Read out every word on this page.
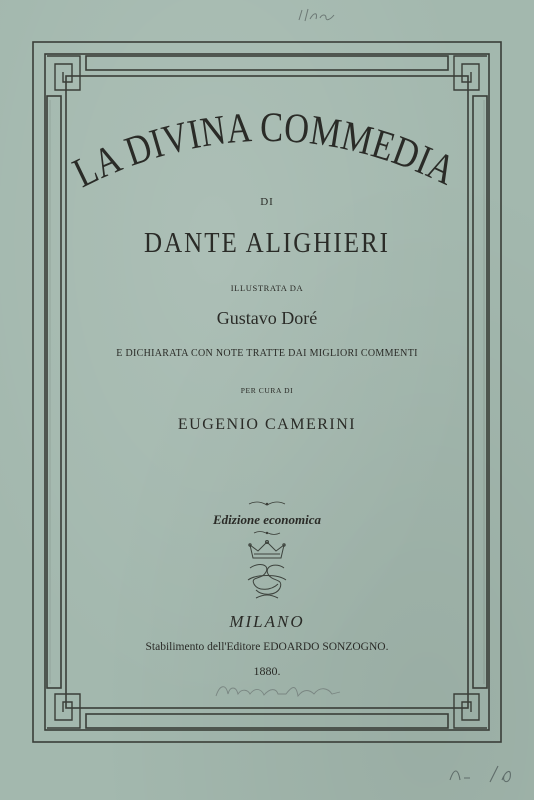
LA DIVINA COMMEDIA
DI
DANTE ALIGHIERI
ILLUSTRATA DA
Gustavo Doré
E DICHIARATA CON NOTE TRATTE DAI MIGLIORI COMMENTI
PER CURA DI
EUGENIO CAMERINI
Edizione economica
MILANO
Stabilimento dell'Editore EDOARDO SONZOGNO.
1880.
